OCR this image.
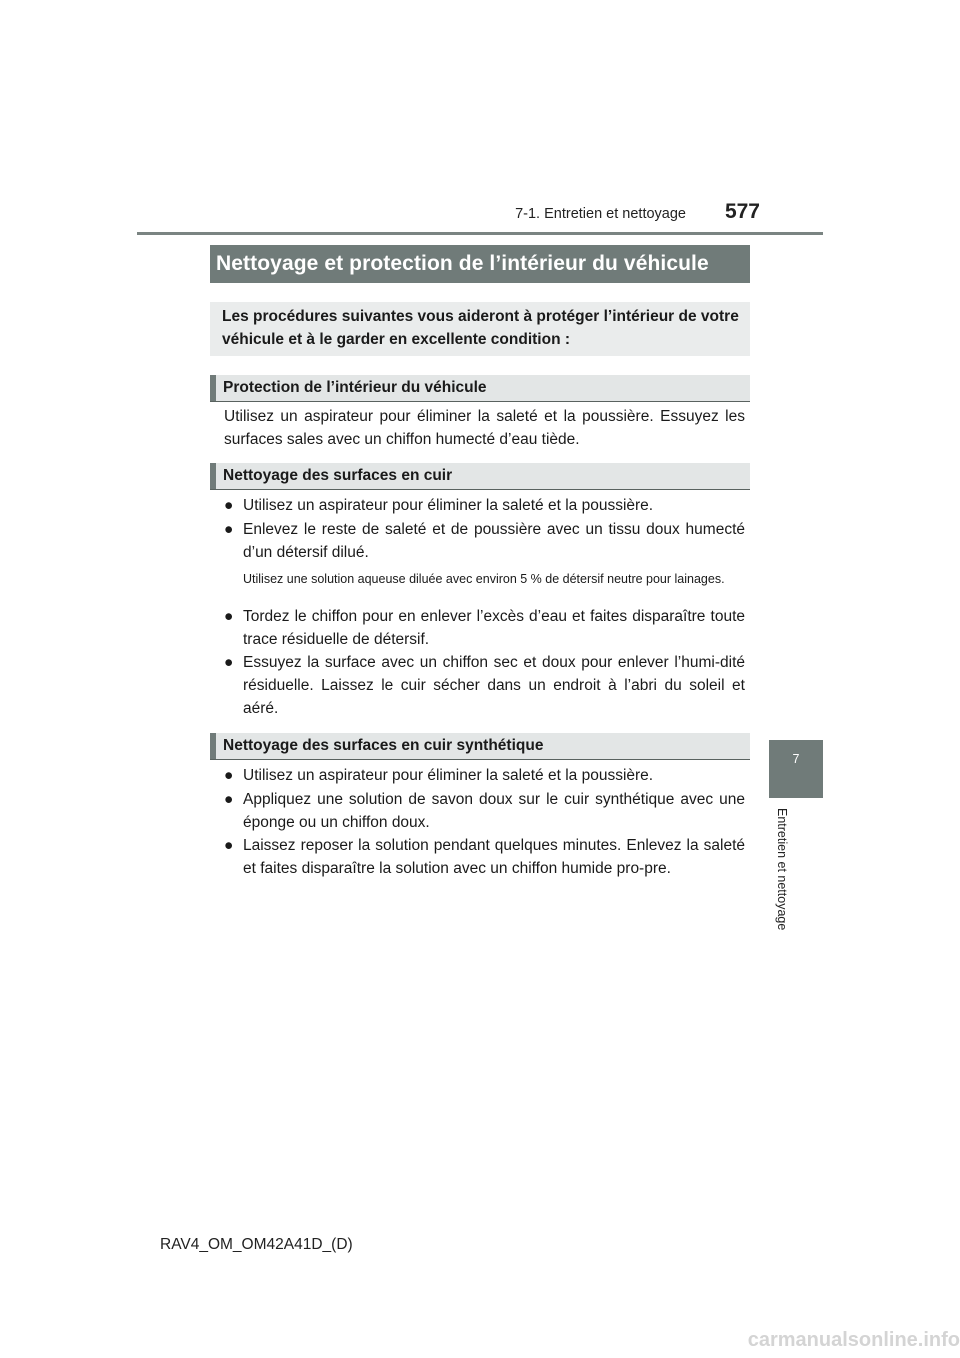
7-1. Entretien et nettoyage	577
Nettoyage et protection de l’intérieur du véhicule
Les procédures suivantes vous aideront à protéger l’intérieur de votre véhicule et à le garder en excellente condition :
Protection de l’intérieur du véhicule
Utilisez un aspirateur pour éliminer la saleté et la poussière. Essuyez les surfaces sales avec un chiffon humecté d’eau tiède.
Nettoyage des surfaces en cuir
● Utilisez un aspirateur pour éliminer la saleté et la poussière.
● Enlevez le reste de saleté et de poussière avec un tissu doux humecté d’un détersif dilué.
Utilisez une solution aqueuse diluée avec environ 5 % de détersif neutre pour lainages.
● Tordez le chiffon pour en enlever l’excès d’eau et faites disparaître toute trace résiduelle de détersif.
● Essuyez la surface avec un chiffon sec et doux pour enlever l’humi-dité résiduelle. Laissez le cuir sécher dans un endroit à l’abri du soleil et aéré.
Nettoyage des surfaces en cuir synthétique
● Utilisez un aspirateur pour éliminer la saleté et la poussière.
● Appliquez une solution de savon doux sur le cuir synthétique avec une éponge ou un chiffon doux.
● Laissez reposer la solution pendant quelques minutes. Enlevez la saleté et faites disparaître la solution avec un chiffon humide pro-pre.
7
Entretien et nettoyage
RAV4_OM_OM42A41D_(D)
carmanualsonline.info
